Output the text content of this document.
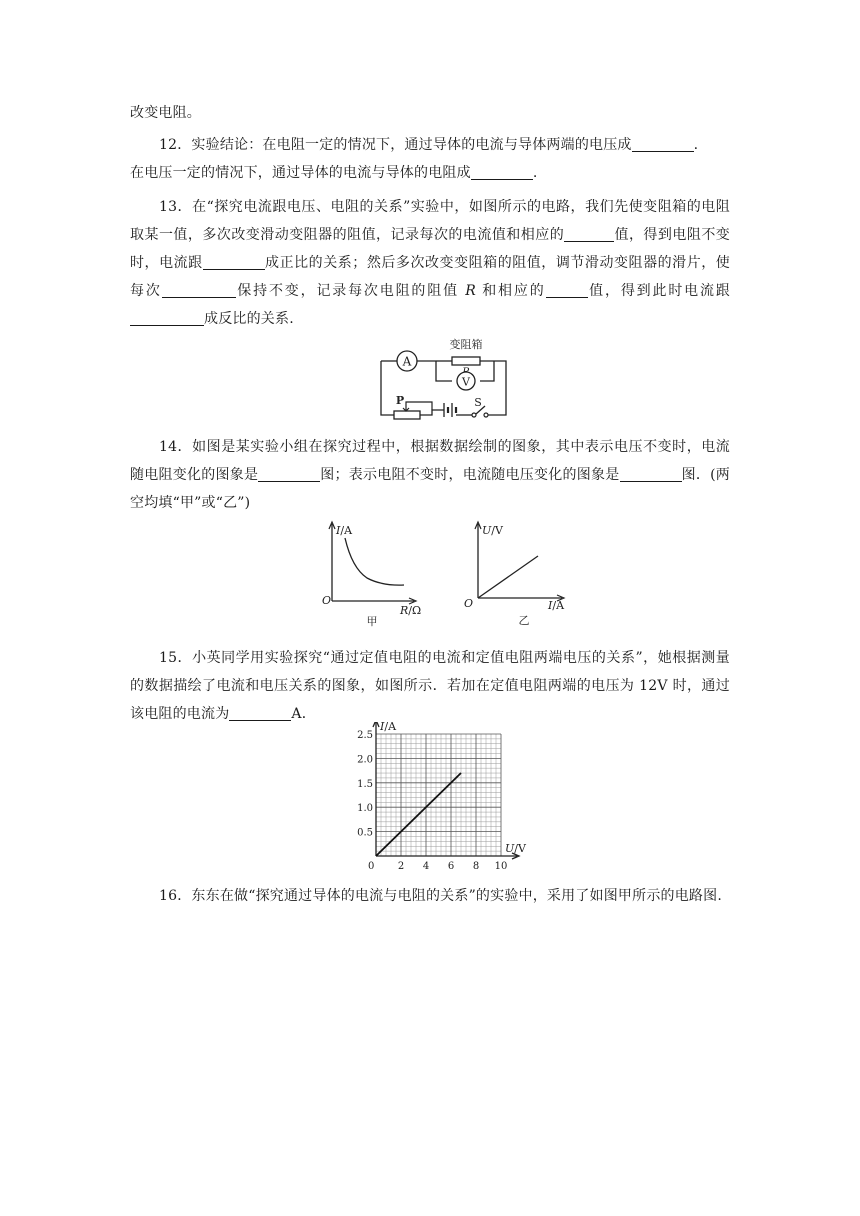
改变电阻。

12．实验结论：在电阻一定的情况下，通过导体的电流与导体两端的电压成	.
在电压一定的情况下，通过导体的电流与导体的电阻成	.

13．在“探究电流跟电压、电阻的关系”实验中，如图所示的电路，我们先使变阻箱的电阻取某一值，多次改变滑动变阻器的阻值，记录每次的电流值和相应的	值，得到电阻不变时，电流跟	成正比的关系；然后多次改变变阻箱的阻值，调节滑动变阻器的滑片，使每次	保持不变，记录每次电阻的阻值 R 和相应的	值，得到此时电流跟成反比的关系.

A
变阻箱
V
P	S

14．如图是某实验小组在探究过程中，根据数据绘制的图象，其中表示电压不变时，电流随电阻变化的图象是	图；表示电阻不变时，电流随电压变化的图象是	图．(两空均填“甲”或“乙”)

I/A
O
R/Ω
甲
U/V
O	I/A
乙

15．小英同学用实验探究“通过定值电阻的电流和定值电阻两端电压的关系”，她根据测量的数据描绘了电流和电压关系的图象，如图所示．若加在定值电阻两端的电压为 12V 时，通过该电阻的电流为	A．

2 4 6 8 10
0.5
1.0
1.5
2.0
2.5
I/A
U/V
0

16．东东在做“探究通过导体的电流与电阻的关系”的实验中，采用了如图甲所示的电路图.
